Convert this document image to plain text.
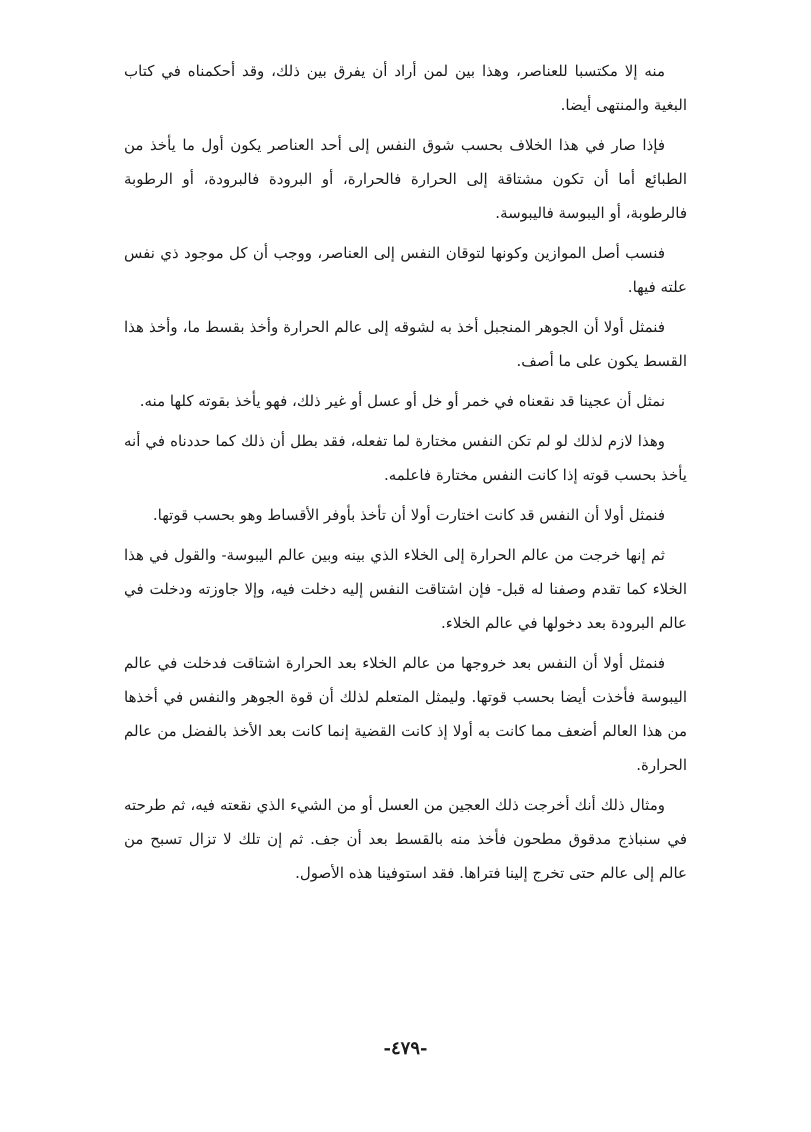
منه إلا مكتسبا للعناصر، وهذا بين لمن أراد أن يفرق بين ذلك، وقد أحكمناه في كتاب البغية والمنتهى أيضا.

فإذا صار في هذا الخلاف بحسب شوق النفس إلى أحد العناصر يكون أول ما يأخذ من الطبائع أما أن تكون مشتاقة إلى الحرارة فالحرارة، أو البرودة فالبرودة، أو الرطوبة فالرطوبة، أو اليبوسة فاليبوسة.

فنسب أصل الموازين وكونها لتوقان النفس إلى العناصر، ووجب أن كل موجود ذي نفس علته فيها.

فنمثل أولا أن الجوهر المنجبل أخذ به لشوقه إلى عالم الحرارة وأخذ بقسط ما، وأخذ هذا القسط يكون على ما أصف.

نمثل أن عجينا قد نقعناه في خمر أو خل أو عسل أو غير ذلك، فهو يأخذ بقوته كلها منه.

وهذا لازم لذلك لو لم تكن النفس مختارة لما تفعله، فقد بطل أن ذلك كما حددناه في أنه يأخذ بحسب قوته إذا كانت النفس مختارة فاعلمه.

فنمثل أولا أن النفس قد كانت اختارت أولا أن تأخذ بأوفر الأقساط وهو بحسب قوتها.

ثم إنها خرجت من عالم الحرارة إلى الخلاء الذي بينه وبين عالم اليبوسة- والقول في هذا الخلاء كما تقدم وصفنا له قبل- فإن اشتاقت النفس إليه دخلت فيه، وإلا جاوزته ودخلت في عالم البرودة بعد دخولها في عالم الخلاء.

فنمثل أولا أن النفس بعد خروجها من عالم الخلاء بعد الحرارة اشتاقت فدخلت في عالم اليبوسة فأخذت أيضا بحسب قوتها. وليمثل المتعلم لذلك أن قوة الجوهر والنفس في أخذها من هذا العالم أضعف مما كانت به أولا إذ كانت القضية إنما كانت بعد الأخذ بالفضل من عالم الحرارة.

ومثال ذلك أنك أخرجت ذلك العجين من العسل أو من الشيء الذي نقعته فيه، ثم طرحته في سنباذج مدقوق مطحون فأخذ منه بالقسط بعد أن جف. ثم إن تلك لا تزال تسبح من عالم إلى عالم حتى تخرج إلينا فتراها. فقد استوفينا هذه الأصول.

-٤٧٩-
